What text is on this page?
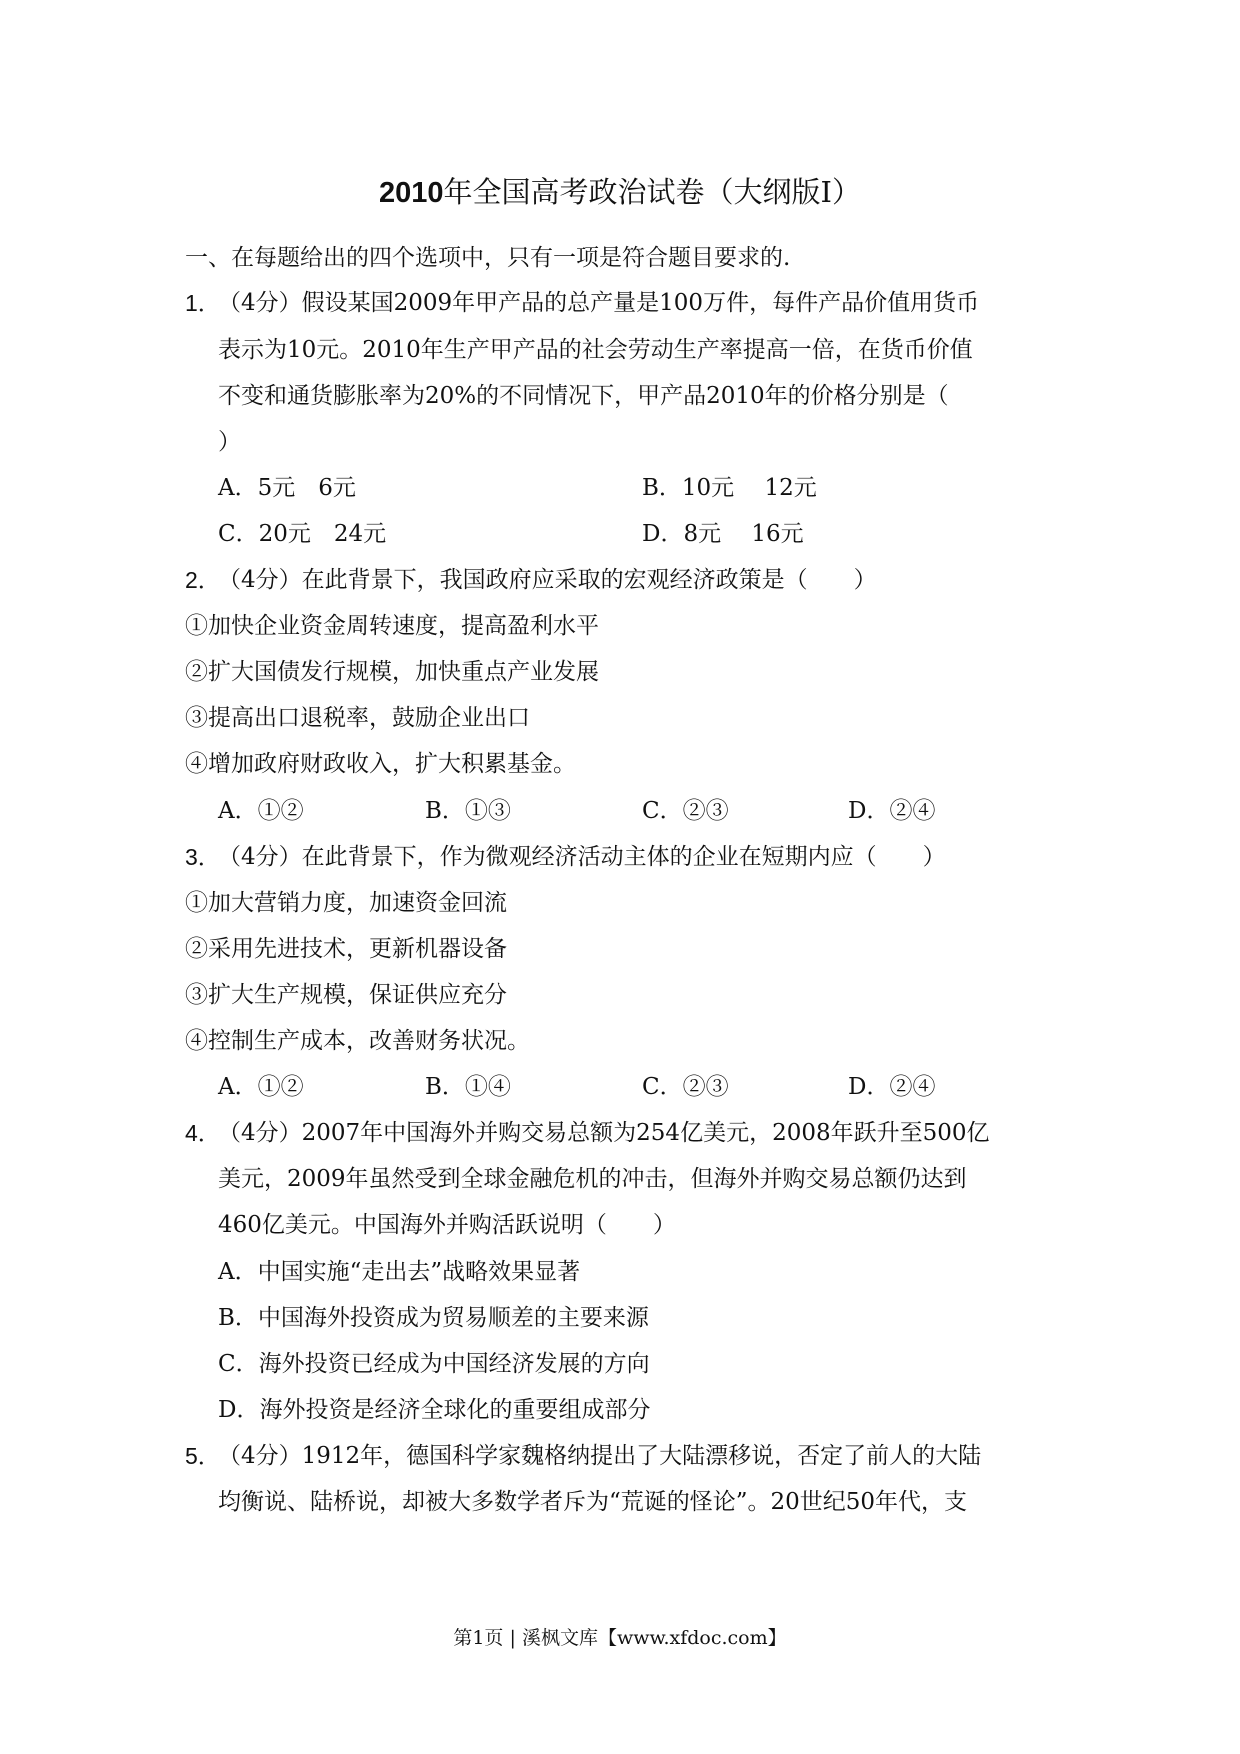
2010年全国高考政治试卷（大纲版Ⅰ）
一、在每题给出的四个选项中，只有一项是符合题目要求的.
1．
（4分）假设某国2009年甲产品的总产量是100万件，每件产品价值用货币
表示为10元。2010年生产甲产品的社会劳动生产率提高一倍，在货币价值
不变和通货膨胀率为20%的不同情况下，甲产品2010年的价格分别是（
）
A．5元　6元	B．10元　 12元
C．20元　24元	D．8元　 16元
2．
（4分）在此背景下，我国政府应采取的宏观经济政策是（　　）
①加快企业资金周转速度，提高盈利水平
②扩大国债发行规模，加快重点产业发展
③提高出口退税率，鼓励企业出口
④增加政府财政收入，扩大积累基金。
A．①②	B．①③	C．②③	D．②④
3．
（4分）在此背景下，作为微观经济活动主体的企业在短期内应（　　）
①加大营销力度，加速资金回流
②采用先进技术，更新机器设备
③扩大生产规模，保证供应充分
④控制生产成本，改善财务状况。
A．①②	B．①④	C．②③	D．②④
4．
（4分）2007年中国海外并购交易总额为254亿美元，2008年跃升至500亿
美元，2009年虽然受到全球金融危机的冲击，但海外并购交易总额仍达到
460亿美元。中国海外并购活跃说明（　　）
A．中国实施“走出去”战略效果显著
B．中国海外投资成为贸易顺差的主要来源
C．海外投资已经成为中国经济发展的方向
D．海外投资是经济全球化的重要组成部分
5．
（4分）1912年，德国科学家魏格纳提出了大陆漂移说，否定了前人的大陆
均衡说、陆桥说，却被大多数学者斥为“荒诞的怪论”。20世纪50年代，支
第1页 | 溪枫文库【www.xfdoc.com】
